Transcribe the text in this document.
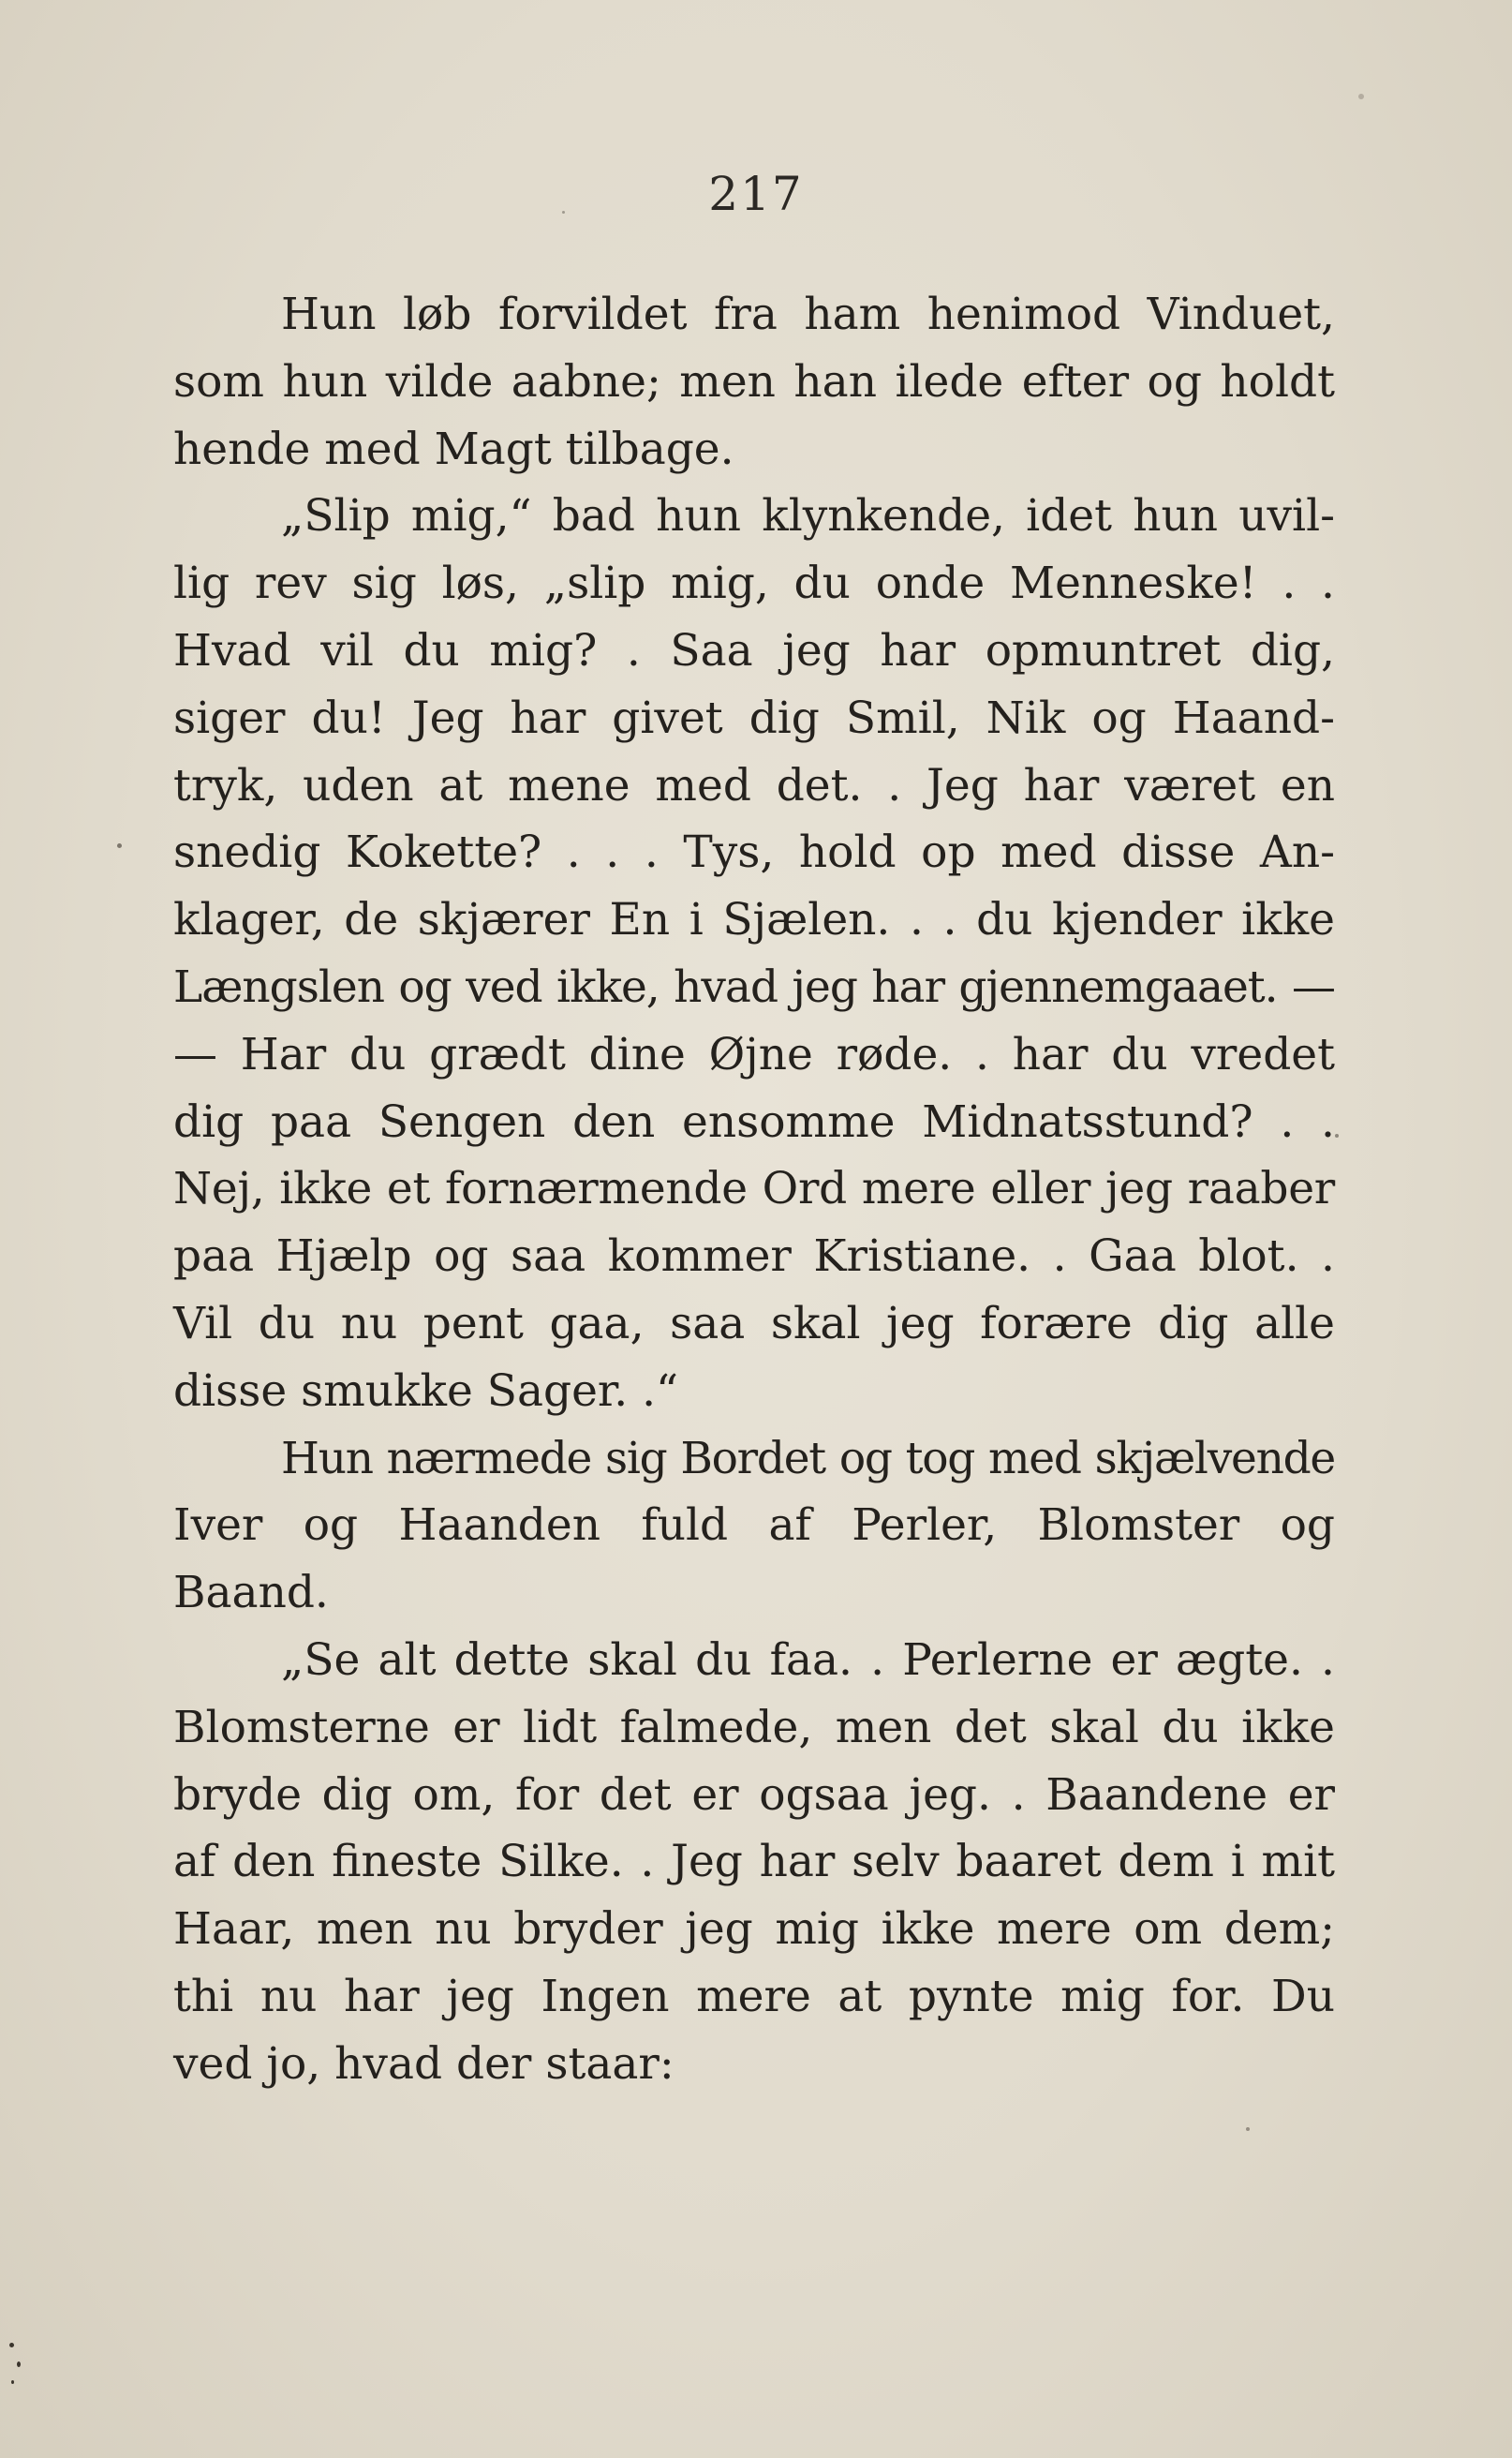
217
Hun løb forvildet fra ham henimod Vinduet,
som hun vilde aabne; men han ilede efter og holdt
hende med Magt tilbage.
„Slip mig,“ bad hun klynkende, idet hun uvil-
lig rev sig løs, „slip mig, du onde Menneske! . .
Hvad vil du mig? . Saa jeg har opmuntret dig,
siger du! Jeg har givet dig Smil, Nik og Haand-
tryk, uden at mene med det. . Jeg har været en
snedig Kokette? . . . Tys, hold op med disse An-
klager, de skjærer En i Sjælen. . . du kjender ikke
Længslen og ved ikke, hvad jeg har gjennemgaaet. —
— Har du grædt dine Øjne røde. . har du vredet
dig paa Sengen den ensomme Midnatsstund? . .
Nej, ikke et fornærmende Ord mere eller jeg raaber
paa Hjælp og saa kommer Kristiane. . Gaa blot. .
Vil du nu pent gaa, saa skal jeg forære dig alle
disse smukke Sager. .“
Hun nærmede sig Bordet og tog med skjælvende
Iver og Haanden fuld af Perler, Blomster og
Baand.
„Se alt dette skal du faa. . Perlerne er ægte. .
Blomsterne er lidt falmede, men det skal du ikke
bryde dig om, for det er ogsaa jeg. . Baandene er
af den fineste Silke. . Jeg har selv baaret dem i mit
Haar, men nu bryder jeg mig ikke mere om dem;
thi nu har jeg Ingen mere at pynte mig for. Du
ved jo, hvad der staar:
